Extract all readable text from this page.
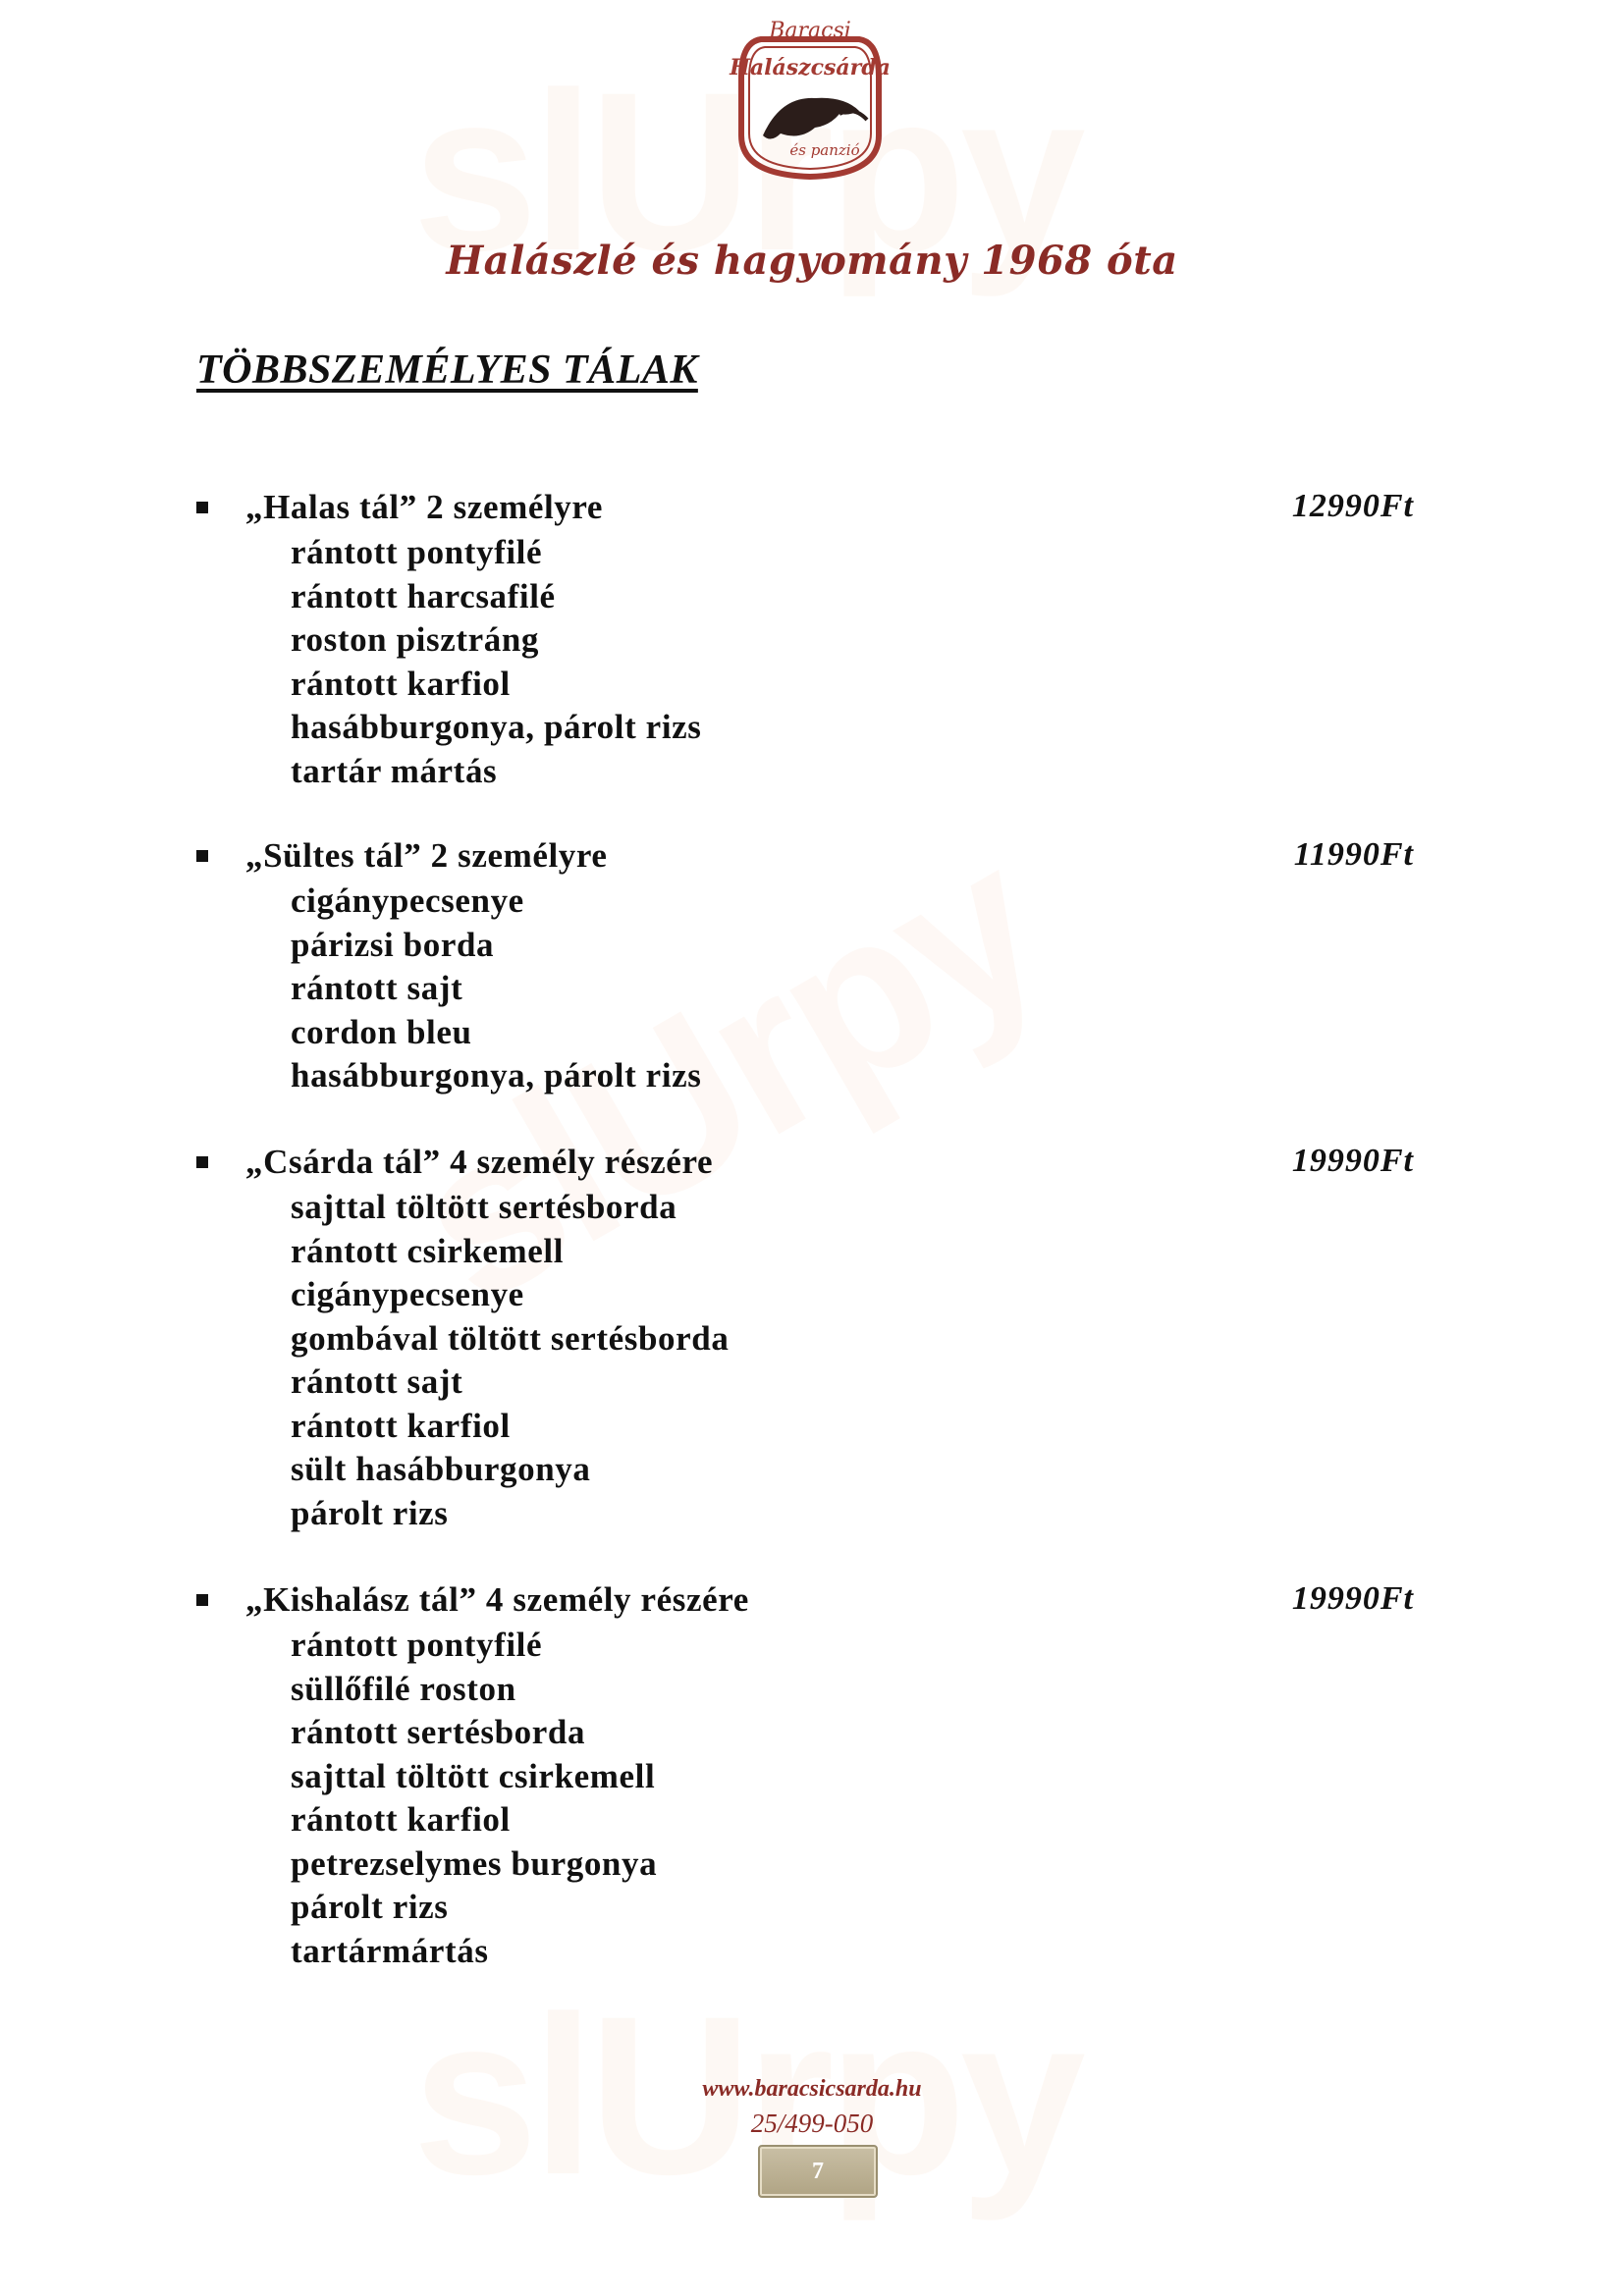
Baracsi
Halászcsárda
és panzió
Halászlé és hagyomány 1968 óta
TÖBBSZEMÉLYES TÁLAK
„Halas tál” 2 személyre	12990Ft
rántott pontyfilé
rántott harcsafilé
roston pisztráng
rántott karfiol
hasábburgonya, párolt rizs
tartár mártás
„Sültes tál” 2 személyre	11990Ft
cigánypecsenye
párizsi borda
rántott sajt
cordon bleu
hasábburgonya, párolt rizs
„Csárda tál” 4 személy részére	19990Ft
sajttal töltött sertésborda
rántott csirkemell
cigánypecsenye
gombával töltött sertésborda
rántott sajt
rántott karfiol
sült hasábburgonya
párolt rizs
„Kishalász tál” 4 személy részére	19990Ft
rántott pontyfilé
süllőfilé roston
rántott sertésborda
sajttal töltött csirkemell
rántott karfiol
petrezselymes burgonya
párolt rizs
tartármártás
www.baracsicsarda.hu
25/499-050
7
